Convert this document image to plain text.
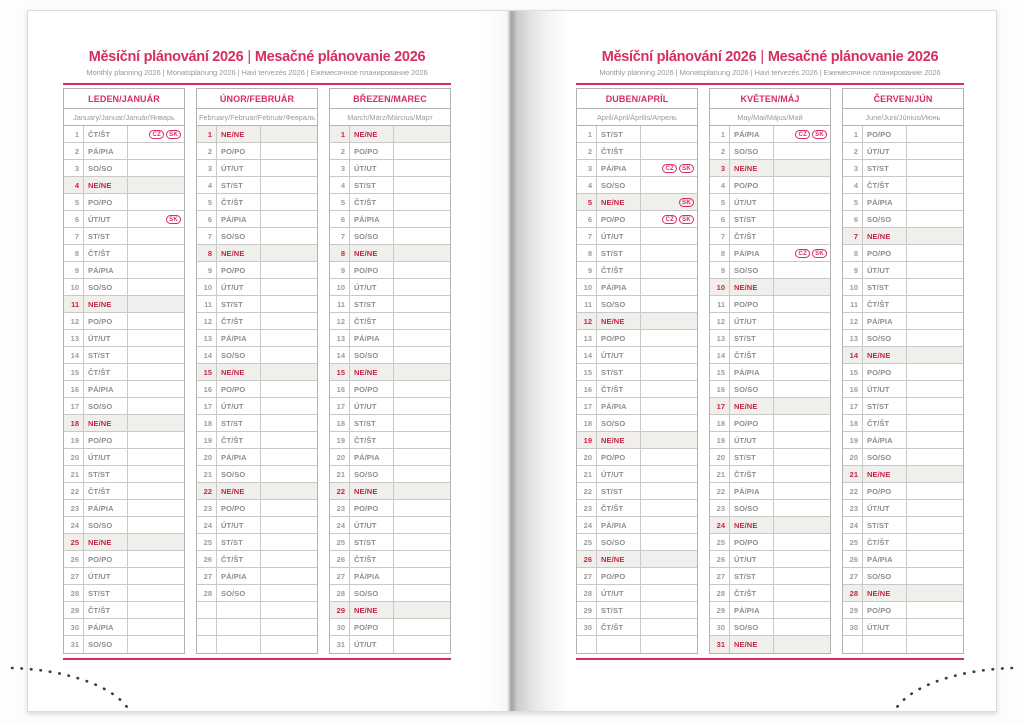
Měsíční plánování 2026 | Mesačné plánovanie 2026
Monthly planning 2026 | Monatsplanung 2026 | Havi tervezés 2026 | Ежемесячное планирование 2026
LEDEN/JANUÁR
January/Januar/Január/Январь
1	ČT/ŠT	CZ	SK
2	PÁ/PIA
3	SO/SO
4	NE/NE
5	PO/PO
6	ÚT/UT	SK
7	ST/ST
8	ČT/ŠT
9	PÁ/PIA
10	SO/SO
11	NE/NE
12	PO/PO
13	ÚT/UT
14	ST/ST
15	ČT/ŠT
16	PÁ/PIA
17	SO/SO
18	NE/NE
19	PO/PO
20	ÚT/UT
21	ST/ST
22	ČT/ŠT
23	PÁ/PIA
24	SO/SO
25	NE/NE
26	PO/PO
27	ÚT/UT
28	ST/ST
29	ČT/ŠT
30	PÁ/PIA
31	SO/SO
ÚNOR/FEBRUÁR
February/Februar/Február/Февраль
1	NE/NE
2	PO/PO
3	ÚT/UT
4	ST/ST
5	ČT/ŠT
6	PÁ/PIA
7	SO/SO
8	NE/NE
9	PO/PO
10	ÚT/UT
11	ST/ST
12	ČT/ŠT
13	PÁ/PIA
14	SO/SO
15	NE/NE
16	PO/PO
17	ÚT/UT
18	ST/ST
19	ČT/ŠT
20	PÁ/PIA
21	SO/SO
22	NE/NE
23	PO/PO
24	ÚT/UT
25	ST/ST
26	ČT/ŠT
27	PÁ/PIA
28	SO/SO
BŘEZEN/MAREC
March/März/Március/Март
1	NE/NE
2	PO/PO
3	ÚT/UT
4	ST/ST
5	ČT/ŠT
6	PÁ/PIA
7	SO/SO
8	NE/NE
9	PO/PO
10	ÚT/UT
11	ST/ST
12	ČT/ŠT
13	PÁ/PIA
14	SO/SO
15	NE/NE
16	PO/PO
17	ÚT/UT
18	ST/ST
19	ČT/ŠT
20	PÁ/PIA
21	SO/SO
22	NE/NE
23	PO/PO
24	ÚT/UT
25	ST/ST
26	ČT/ŠT
27	PÁ/PIA
28	SO/SO
29	NE/NE
30	PO/PO
31	ÚT/UT
Měsíční plánování 2026 | Mesačné plánovanie 2026
Monthly planning 2026 | Monatsplanung 2026 | Havi tervezés 2026 | Ежемесячное планирование 2026
DUBEN/APRÍL
April/April/Április/Апрель
1	ST/ST
2	ČT/ŠT
3	PÁ/PIA	CZ	SK
4	SO/SO
5	NE/NE	SK
6	PO/PO	CZ	SK
7	ÚT/UT
8	ST/ST
9	ČT/ŠT
10	PÁ/PIA
11	SO/SO
12	NE/NE
13	PO/PO
14	ÚT/UT
15	ST/ST
16	ČT/ŠT
17	PÁ/PIA
18	SO/SO
19	NE/NE
20	PO/PO
21	ÚT/UT
22	ST/ST
23	ČT/ŠT
24	PÁ/PIA
25	SO/SO
26	NE/NE
27	PO/PO
28	ÚT/UT
29	ST/ST
30	ČT/ŠT
KVĚTEN/MÁJ
May/Mai/Május/Май
1	PÁ/PIA	CZ	SK
2	SO/SO
3	NE/NE
4	PO/PO
5	ÚT/UT
6	ST/ST
7	ČT/ŠT
8	PÁ/PIA	CZ	SK
9	SO/SO
10	NE/NE
11	PO/PO
12	ÚT/UT
13	ST/ST
14	ČT/ŠT
15	PÁ/PIA
16	SO/SO
17	NE/NE
18	PO/PO
19	ÚT/UT
20	ST/ST
21	ČT/ŠT
22	PÁ/PIA
23	SO/SO
24	NE/NE
25	PO/PO
26	ÚT/UT
27	ST/ST
28	ČT/ŠT
29	PÁ/PIA
30	SO/SO
31	NE/NE
ČERVEN/JÚN
June/Juni/Június/Июнь
1	PO/PO
2	ÚT/UT
3	ST/ST
4	ČT/ŠT
5	PÁ/PIA
6	SO/SO
7	NE/NE
8	PO/PO
9	ÚT/UT
10	ST/ST
11	ČT/ŠT
12	PÁ/PIA
13	SO/SO
14	NE/NE
15	PO/PO
16	ÚT/UT
17	ST/ST
18	ČT/ŠT
19	PÁ/PIA
20	SO/SO
21	NE/NE
22	PO/PO
23	ÚT/UT
24	ST/ST
25	ČT/ŠT
26	PÁ/PIA
27	SO/SO
28	NE/NE
29	PO/PO
30	ÚT/UT
